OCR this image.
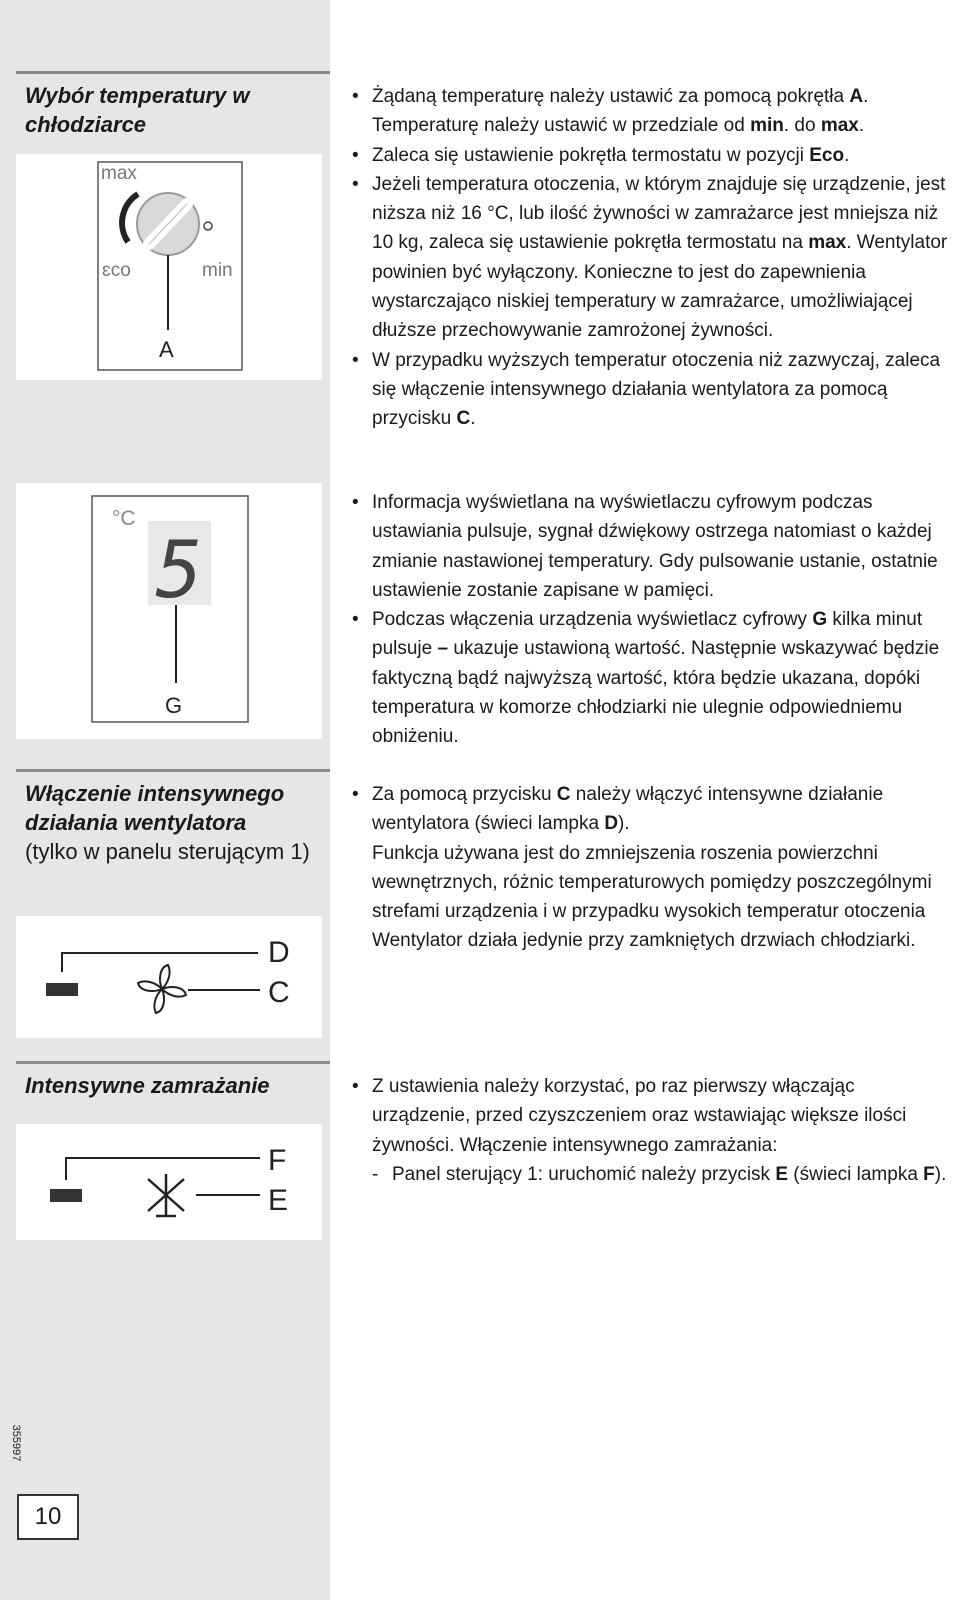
Wybór temperatury w chłodziarce
max
ɛco	min
A
• Żądaną temperaturę należy ustawić za pomocą pokrętła A. Temperaturę należy ustawić w przedziale od min. do max.
• Zaleca się ustawienie pokrętła termostatu w pozycji Eco.
• Jeżeli temperatura otoczenia, w którym znajduje się urządzenie, jest niższa niż 16 °C, lub ilość żywności w zamrażarce jest mniejsza niż 10 kg, zaleca się ustawienie pokrętła termostatu na max. Wentylator powinien być wyłączony. Konieczne to jest do zapewnienia wystarczająco niskiej temperatury w zamrażarce, umożliwiającej dłuższe przechowywanie zamrożonej żywności.
• W przypadku wyższych temperatur otoczenia niż zazwyczaj, zaleca się włączenie intensywnego działania wentylatora za pomocą przycisku C.
°C
5
G
• Informacja wyświetlana na wyświetlaczu cyfrowym podczas ustawiania pulsuje, sygnał dźwiękowy ostrzega natomiast o każdej zmianie nastawionej temperatury. Gdy pulsowanie ustanie, ostatnie ustawienie zostanie zapisane w pamięci.
• Podczas włączenia urządzenia wyświetlacz cyfrowy G kilka minut pulsuje – ukazuje ustawioną wartość. Następnie wskazywać będzie faktyczną bądź najwyższą wartość, która będzie ukazana, dopóki temperatura w komorze chłodziarki nie ulegnie odpowiedniemu obniżeniu.
Włączenie intensywnego działania wentylatora
(tylko w panelu sterującym 1)
D
C
• Za pomocą przycisku C należy włączyć intensywne działanie wentylatora (świeci lampka D).
Funkcja używana jest do zmniejszenia roszenia powierzchni wewnętrznych, różnic temperaturowych pomiędzy poszczególnymi strefami urządzenia i w przypadku wysokich temperatur otoczenia
Wentylator działa jedynie przy zamkniętych drzwiach chłodziarki.
Intensywne zamrażanie
F
E
• Z ustawienia należy korzystać, po raz pierwszy włączając urządzenie, przed czyszczeniem oraz wstawiając większe ilości żywności. Włączenie intensywnego zamrażania:
- Panel sterujący 1: uruchomić należy przycisk E (świeci lampka F).
355997
10
